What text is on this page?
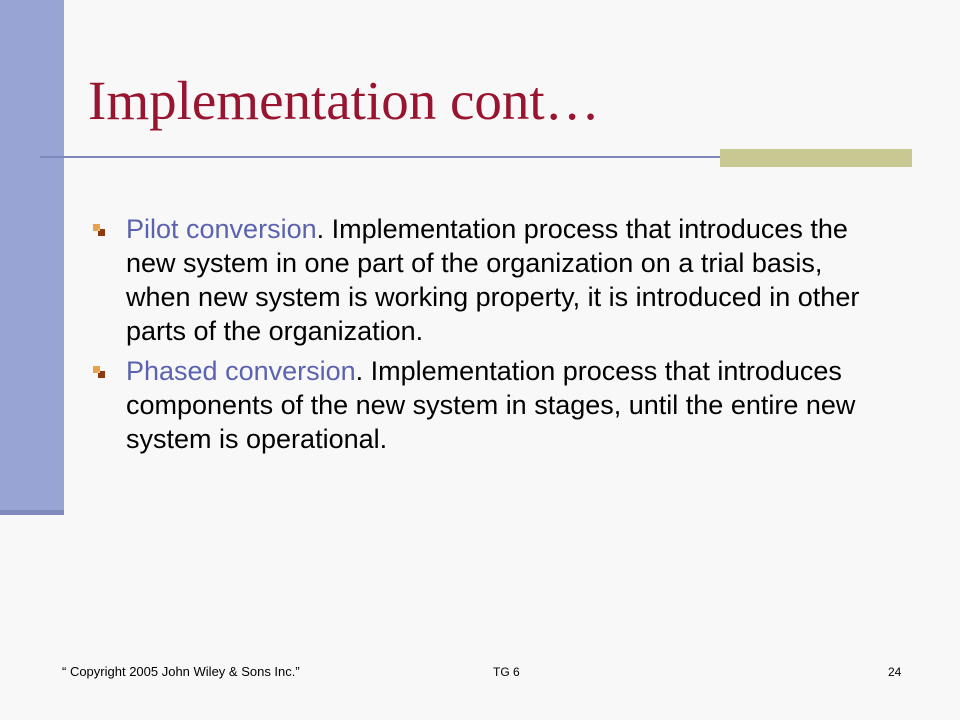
Implementation cont…
Pilot conversion. Implementation process that introduces the new system in one part of the organization on a trial basis, when new system is working property, it is introduced in other parts of the organization.
Phased conversion. Implementation process that introduces components of the new system in stages, until the entire new system is operational.
“ Copyright 2005 John Wiley & Sons Inc.”	TG 6	24
